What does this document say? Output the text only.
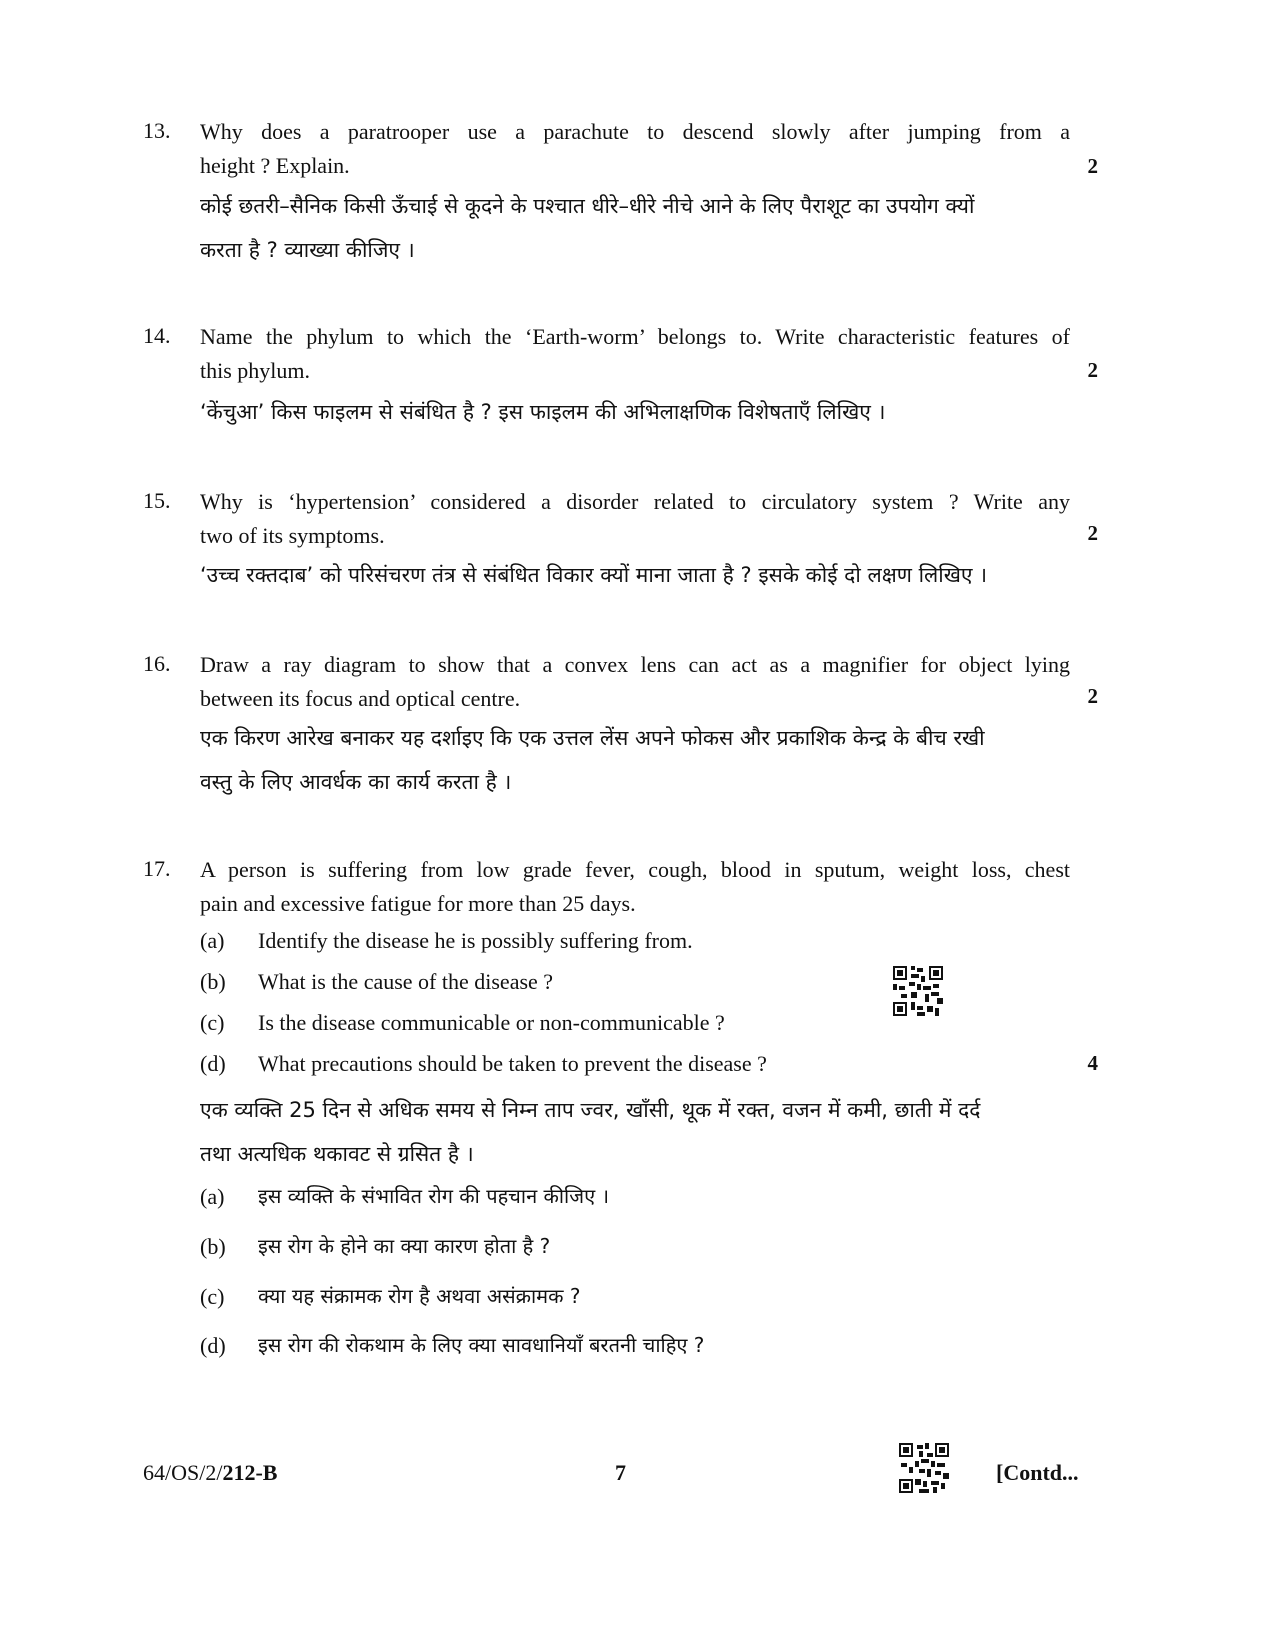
13. Why does a paratrooper use a parachute to descend slowly after jumping from a
height ? Explain.	2
कोई छतरी–सैनिक किसी ऊँचाई से कूदने के पश्चात धीरे–धीरे नीचे आने के लिए पैराशूट का उपयोग क्यों
करता है ? व्याख्या कीजिए ।
14. Name the phylum to which the ‘Earth-worm’ belongs to. Write characteristic features of
this phylum.	2
‘केंचुआ’ किस फाइलम से संबंधित है ? इस फाइलम की अभिलाक्षणिक विशेषताएँ लिखिए ।
15. Why is ‘hypertension’ considered a disorder related to circulatory system ? Write any
two of its symptoms.	2
‘उच्च रक्तदाब’ को परिसंचरण तंत्र से संबंधित विकार क्यों माना जाता है ? इसके कोई दो लक्षण लिखिए ।
16. Draw a ray diagram to show that a convex lens can act as a magnifier for object lying
between its focus and optical centre.	2
एक किरण आरेख बनाकर यह दर्शाइए कि एक उत्तल लेंस अपने फोकस और प्रकाशिक केन्द्र के बीच रखी
वस्तु के लिए आवर्धक का कार्य करता है ।
17. A person is suffering from low grade fever, cough, blood in sputum, weight loss, chest
pain and excessive fatigue for more than 25 days.
(a) Identify the disease he is possibly suffering from.
(b) What is the cause of the disease ?
(c) Is the disease communicable or non-communicable ?
(d) What precautions should be taken to prevent the disease ?	4
एक व्यक्ति 25 दिन से अधिक समय से निम्न ताप ज्वर, खाँसी, थूक में रक्त, वजन में कमी, छाती में दर्द
तथा अत्यधिक थकावट से ग्रसित है ।
(a) इस व्यक्ति के संभावित रोग की पहचान कीजिए ।
(b) इस रोग के होने का क्या कारण होता है ?
(c) क्या यह संक्रामक रोग है अथवा असंक्रामक ?
(d) इस रोग की रोकथाम के लिए क्या सावधानियाँ बरतनी चाहिए ?
64/OS/2/212-B	7	[Contd...
